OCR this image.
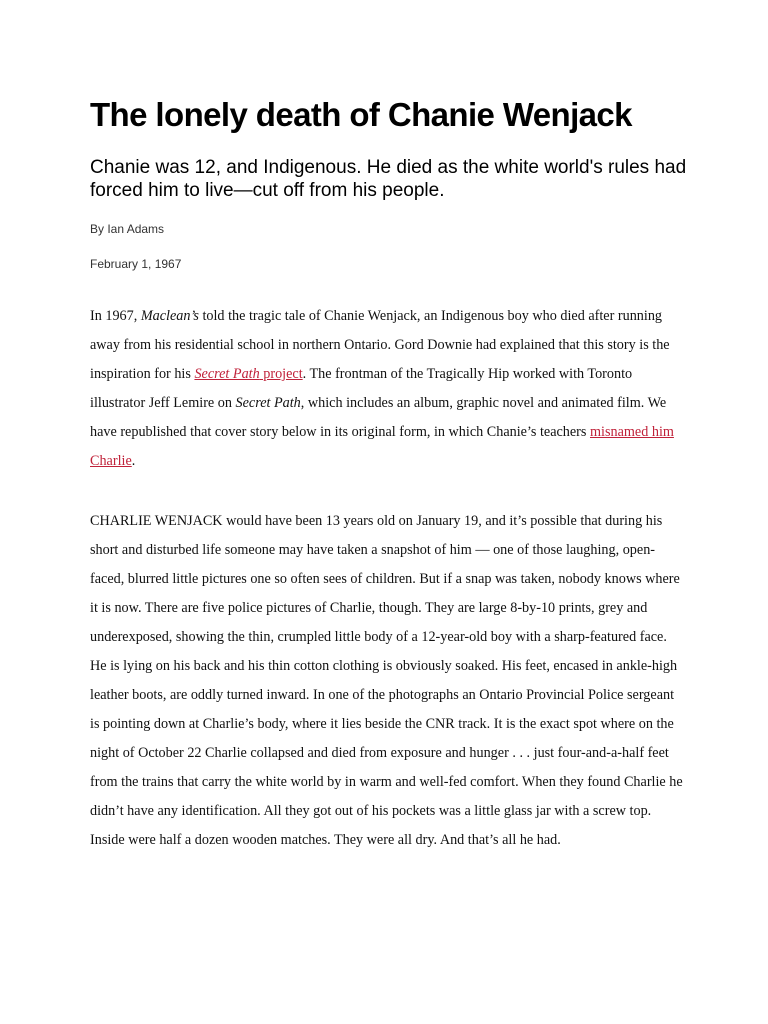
The lonely death of Chanie Wenjack
Chanie was 12, and Indigenous. He died as the white world's rules had forced him to live—cut off from his people.
By Ian Adams
February 1, 1967

In 1967, Maclean’s told the tragic tale of Chanie Wenjack, an Indigenous boy who died after running away from his residential school in northern Ontario. Gord Downie had explained that this story is the inspiration for his Secret Path project. The frontman of the Tragically Hip worked with Toronto illustrator Jeff Lemire on Secret Path, which includes an album, graphic novel and animated film. We have republished that cover story below in its original form, in which Chanie’s teachers misnamed him Charlie.

CHARLIE WENJACK would have been 13 years old on January 19, and it’s possible that during his short and disturbed life someone may have taken a snapshot of him — one of those laughing, open-faced, blurred little pictures one so often sees of children. But if a snap was taken, nobody knows where it is now. There are five police pictures of Charlie, though. They are large 8-by-10 prints, grey and underexposed, showing the thin, crumpled little body of a 12-year-old boy with a sharp-featured face. He is lying on his back and his thin cotton clothing is obviously soaked. His feet, encased in ankle-high leather boots, are oddly turned inward. In one of the photographs an Ontario Provincial Police sergeant is pointing down at Charlie’s body, where it lies beside the CNR track. It is the exact spot where on the night of October 22 Charlie collapsed and died from exposure and hunger . . . just four-and-a-half feet from the trains that carry the white world by in warm and well-fed comfort. When they found Charlie he didn’t have any identification. All they got out of his pockets was a little glass jar with a screw top. Inside were half a dozen wooden matches. They were all dry. And that’s all he had.
